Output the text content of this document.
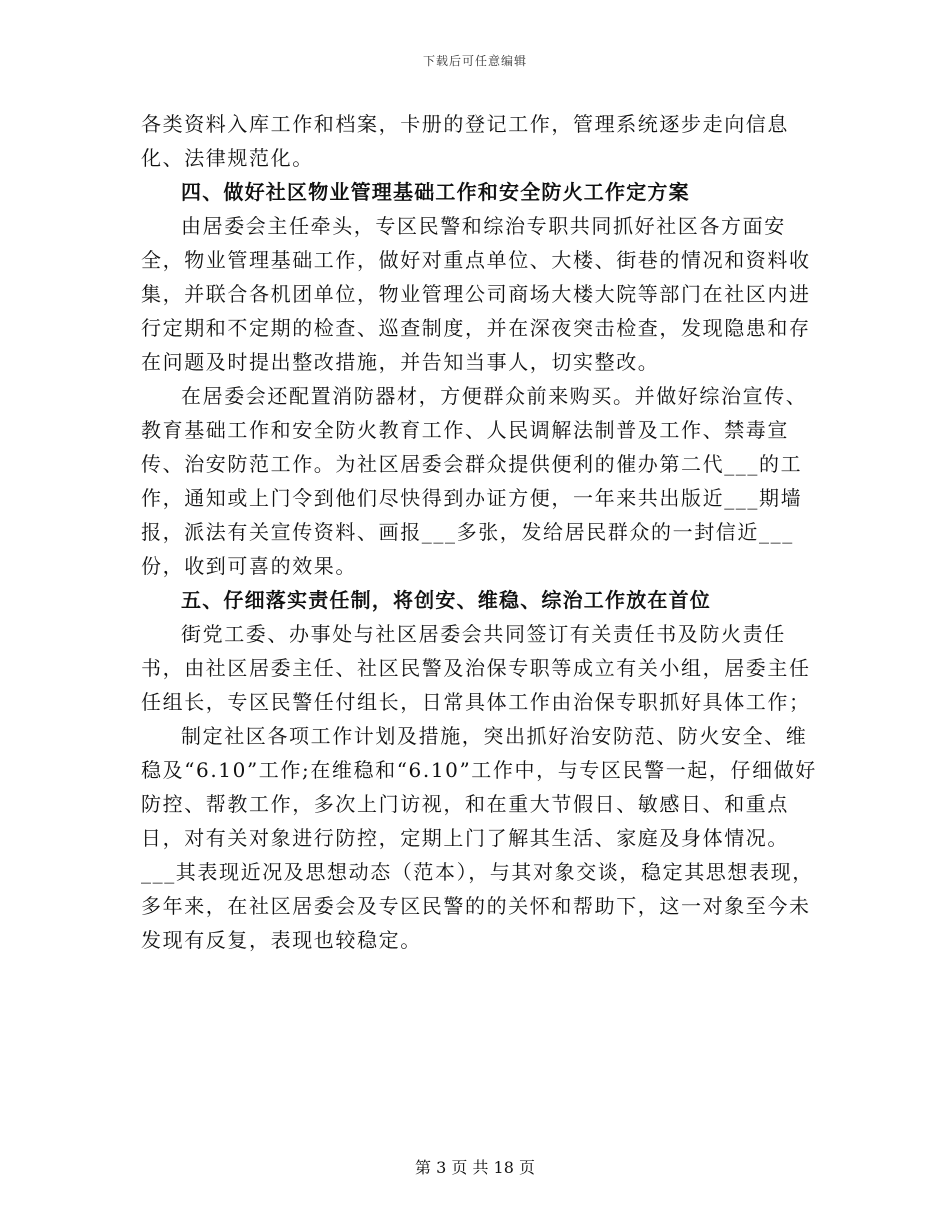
下载后可任意编辑

各类资料入库工作和档案，卡册的登记工作，管理系统逐步走向信息化、法律规范化。

四、做好社区物业管理基础工作和安全防火工作定方案

由居委会主任牵头，专区民警和综治专职共同抓好社区各方面安全，物业管理基础工作，做好对重点单位、大楼、街巷的情况和资料收集，并联合各机团单位，物业管理公司商场大楼大院等部门在社区内进行定期和不定期的检查、巡查制度，并在深夜突击检查，发现隐患和存在问题及时提出整改措施，并告知当事人，切实整改。

在居委会还配置消防器材，方便群众前来购买。并做好综治宣传、教育基础工作和安全防火教育工作、人民调解法制普及工作、禁毒宣传、治安防范工作。为社区居委会群众提供便利的催办第二代___的工作，通知或上门令到他们尽快得到办证方便，一年来共出版近___期墙报，派法有关宣传资料、画报___多张，发给居民群众的一封信近___份，收到可喜的效果。

五、仔细落实责任制，将创安、维稳、综治工作放在首位

街党工委、办事处与社区居委会共同签订有关责任书及防火责任书，由社区居委主任、社区民警及治保专职等成立有关小组，居委主任任组长，专区民警任付组长，日常具体工作由治保专职抓好具体工作；

制定社区各项工作计划及措施，突出抓好治安防范、防火安全、维稳及“6.10”工作;在维稳和“6.10”工作中，与专区民警一起，仔细做好防控、帮教工作，多次上门访视，和在重大节假日、敏感日、和重点日，对有关对象进行防控，定期上门了解其生活、家庭及身体情况。___其表现近况及思想动态（范本），与其对象交谈，稳定其思想表现，多年来，在社区居委会及专区民警的的关怀和帮助下，这一对象至今未发现有反复，表现也较稳定。

第 3 页 共 18 页
